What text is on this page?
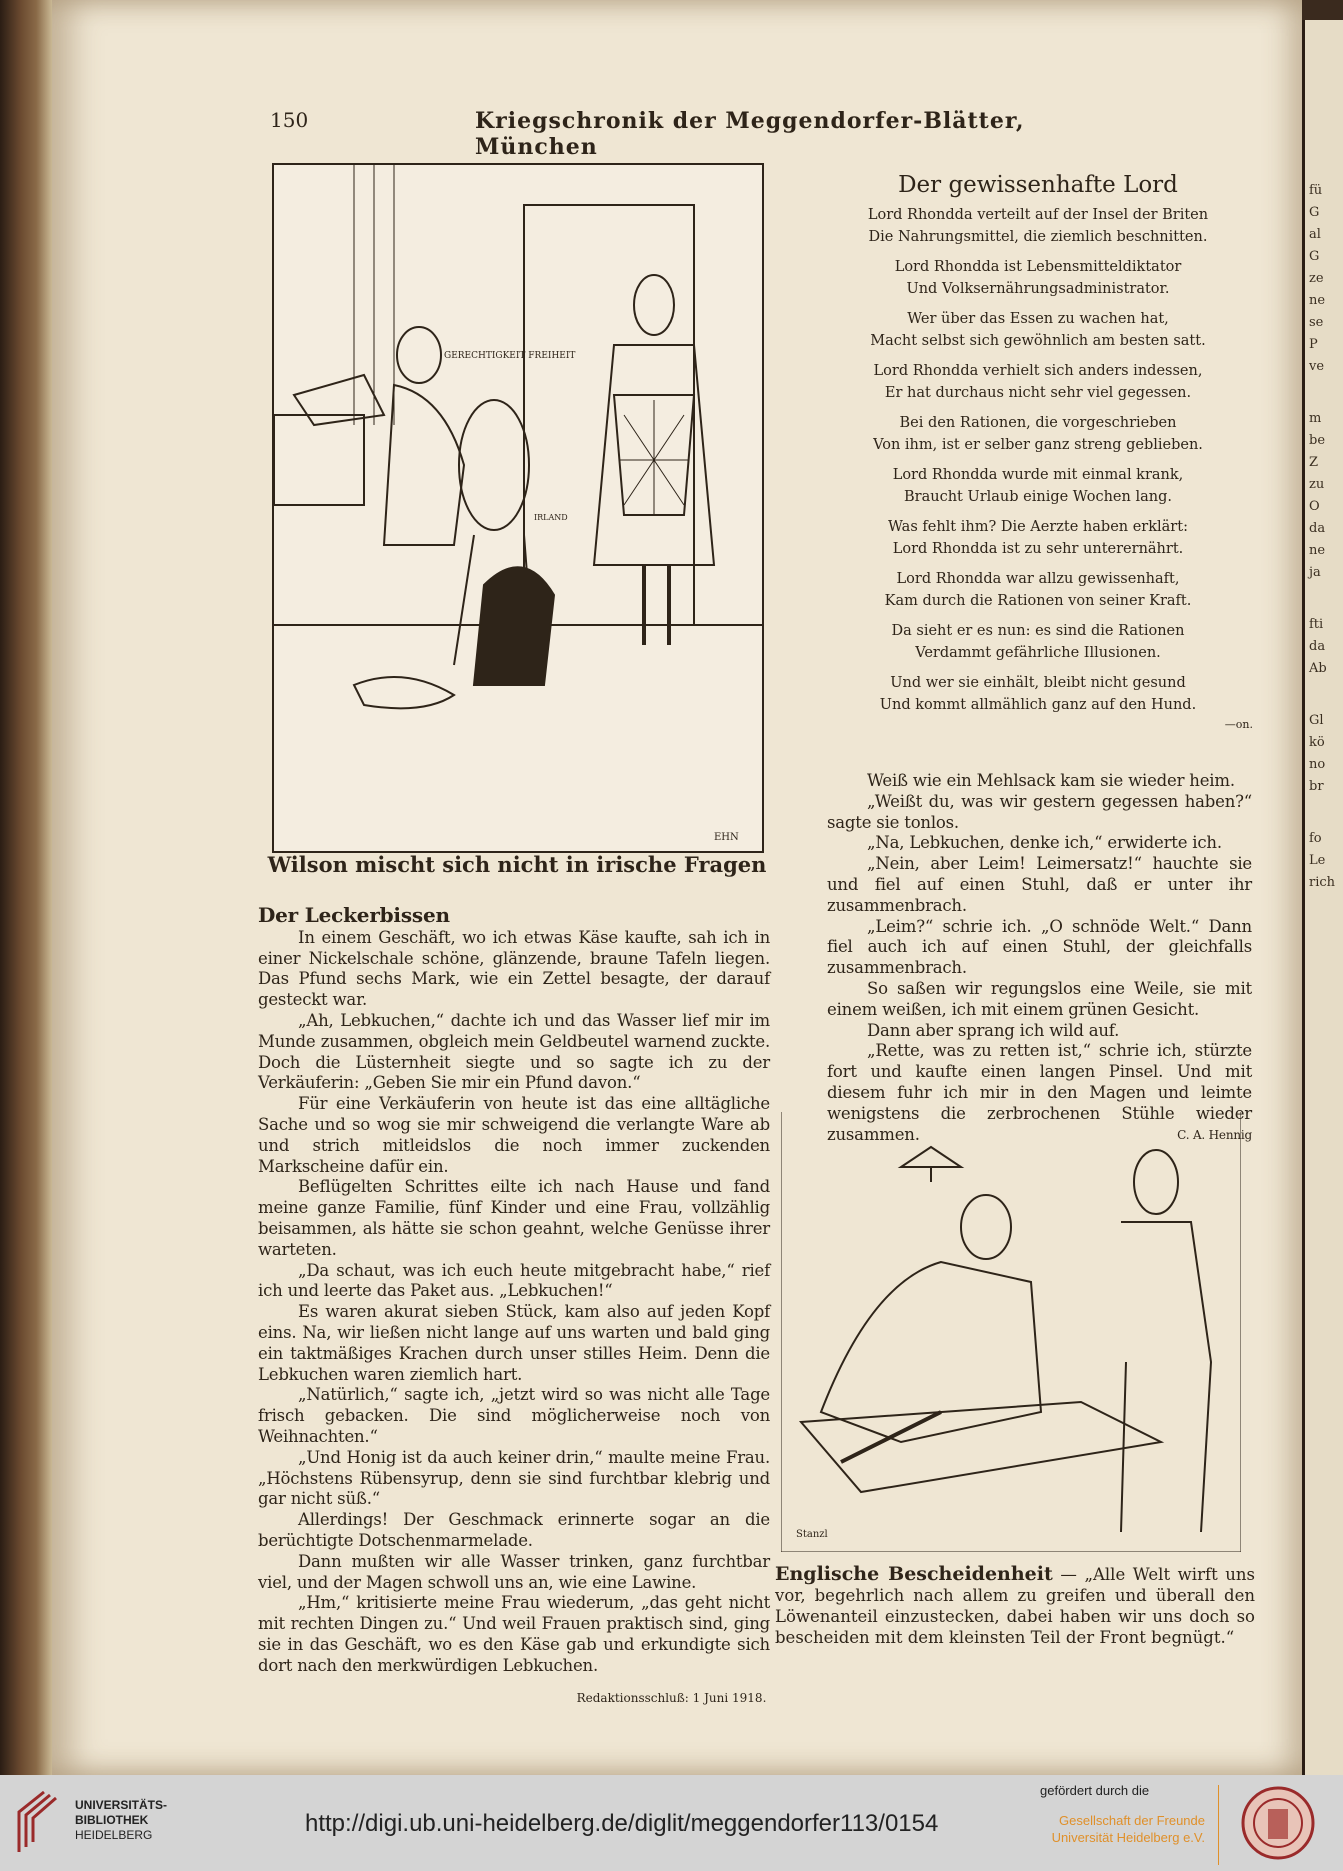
fü
G
al
G
ze
ne
se
P
ve
m
be
Z
zu
O
da
ne
ja
fti
da
Ab
Gl
kö
no
br
fo
Le
rich
150	Kriegschronik der Meggendorfer-Blätter, München
GERECHTIGKEIT FREIHEIT
IRLAND
EHN
Wilson mischt sich nicht in irische Fragen
Der gewissenhafte Lord
Lord Rhondda verteilt auf der Insel der Briten
Die Nahrungsmittel, die ziemlich beschnitten.
Lord Rhondda ist Lebensmitteldiktator
Und Volksernährungsadministrator.
Wer über das Essen zu wachen hat,
Macht selbst sich gewöhnlich am besten satt.
Lord Rhondda verhielt sich anders indessen,
Er hat durchaus nicht sehr viel gegessen.
Bei den Rationen, die vorgeschrieben
Von ihm, ist er selber ganz streng geblieben.
Lord Rhondda wurde mit einmal krank,
Braucht Urlaub einige Wochen lang.
Was fehlt ihm? Die Aerzte haben erklärt:
Lord Rhondda ist zu sehr unterernährt.
Lord Rhondda war allzu gewissenhaft,
Kam durch die Rationen von seiner Kraft.
Da sieht er es nun: es sind die Rationen
Verdammt gefährliche Illusionen.
Und wer sie einhält, bleibt nicht gesund
Und kommt allmählich ganz auf den Hund.
—on.
Der Leckerbissen

In einem Geschäft, wo ich etwas Käse kaufte, sah ich in einer Nickelschale schöne, glänzende, braune Tafeln liegen. Das Pfund sechs Mark, wie ein Zettel besagte, der darauf gesteckt war.

„Ah, Lebkuchen,“ dachte ich und das Wasser lief mir im Munde zusammen, obgleich mein Geldbeutel warnend zuckte. Doch die Lüsternheit siegte und so sagte ich zu der Verkäuferin: „Geben Sie mir ein Pfund davon.“

Für eine Verkäuferin von heute ist das eine alltägliche Sache und so wog sie mir schweigend die verlangte Ware ab und strich mitleidslos die noch immer zuckenden Markscheine dafür ein.

Beflügelten Schrittes eilte ich nach Hause und fand meine ganze Familie, fünf Kinder und eine Frau, vollzählig beisammen, als hätte sie schon geahnt, welche Genüsse ihrer warteten.

„Da schaut, was ich euch heute mitgebracht habe,“ rief ich und leerte das Paket aus. „Lebkuchen!“

Es waren akurat sieben Stück, kam also auf jeden Kopf eins. Na, wir ließen nicht lange auf uns warten und bald ging ein taktmäßiges Krachen durch unser stilles Heim. Denn die Lebkuchen waren ziemlich hart.

„Natürlich,“ sagte ich, „jetzt wird so was nicht alle Tage frisch gebacken. Die sind möglicherweise noch von Weihnachten.“

„Und Honig ist da auch keiner drin,“ maulte meine Frau. „Höchstens Rübensyrup, denn sie sind furchtbar klebrig und gar nicht süß.“

Allerdings! Der Geschmack erinnerte sogar an die berüchtigte Dotschenmarmelade.

Dann mußten wir alle Wasser trinken, ganz furchtbar viel, und der Magen schwoll uns an, wie eine Lawine.

„Hm,“ kritisierte meine Frau wiederum, „das geht nicht mit rechten Dingen zu.“ Und weil Frauen praktisch sind, ging sie in das Geschäft, wo es den Käse gab und erkundigte sich dort nach den merkwürdigen Lebkuchen.

Weiß wie ein Mehlsack kam sie wieder heim.

„Weißt du, was wir gestern gegessen haben?“ sagte sie tonlos.

„Na, Lebkuchen, denke ich,“ erwiderte ich.

„Nein, aber Leim! Leimersatz!“ hauchte sie und fiel auf einen Stuhl, daß er unter ihr zusammenbrach.

„Leim?“ schrie ich. „O schnöde Welt.“ Dann fiel auch ich auf einen Stuhl, der gleichfalls zusammenbrach.

So saßen wir regungslos eine Weile, sie mit einem weißen, ich mit einem grünen Gesicht.

Dann aber sprang ich wild auf.

„Rette, was zu retten ist,“ schrie ich, stürzte fort und kaufte einen langen Pinsel. Und mit diesem fuhr ich mir in den Magen und leimte wenigstens die zerbrochenen Stühle wieder zusammen.	C. A. Hennig

Stanzl
Englische Bescheidenheit — „Alle Welt wirft uns vor, begehrlich nach allem zu greifen und überall den Löwenanteil einzustecken, dabei haben wir uns doch so bescheiden mit dem kleinsten Teil der Front begnügt.“
Redaktionsschluß: 1 Juni 1918.
UNIVERSITÄTS-
BIBLIOTHEK
HEIDELBERG	http://digi.ub.uni-heidelberg.de/diglit/meggendorfer113/0154
gefördert durch die
Gesellschaft der Freunde
Universität Heidelberg e.V.
